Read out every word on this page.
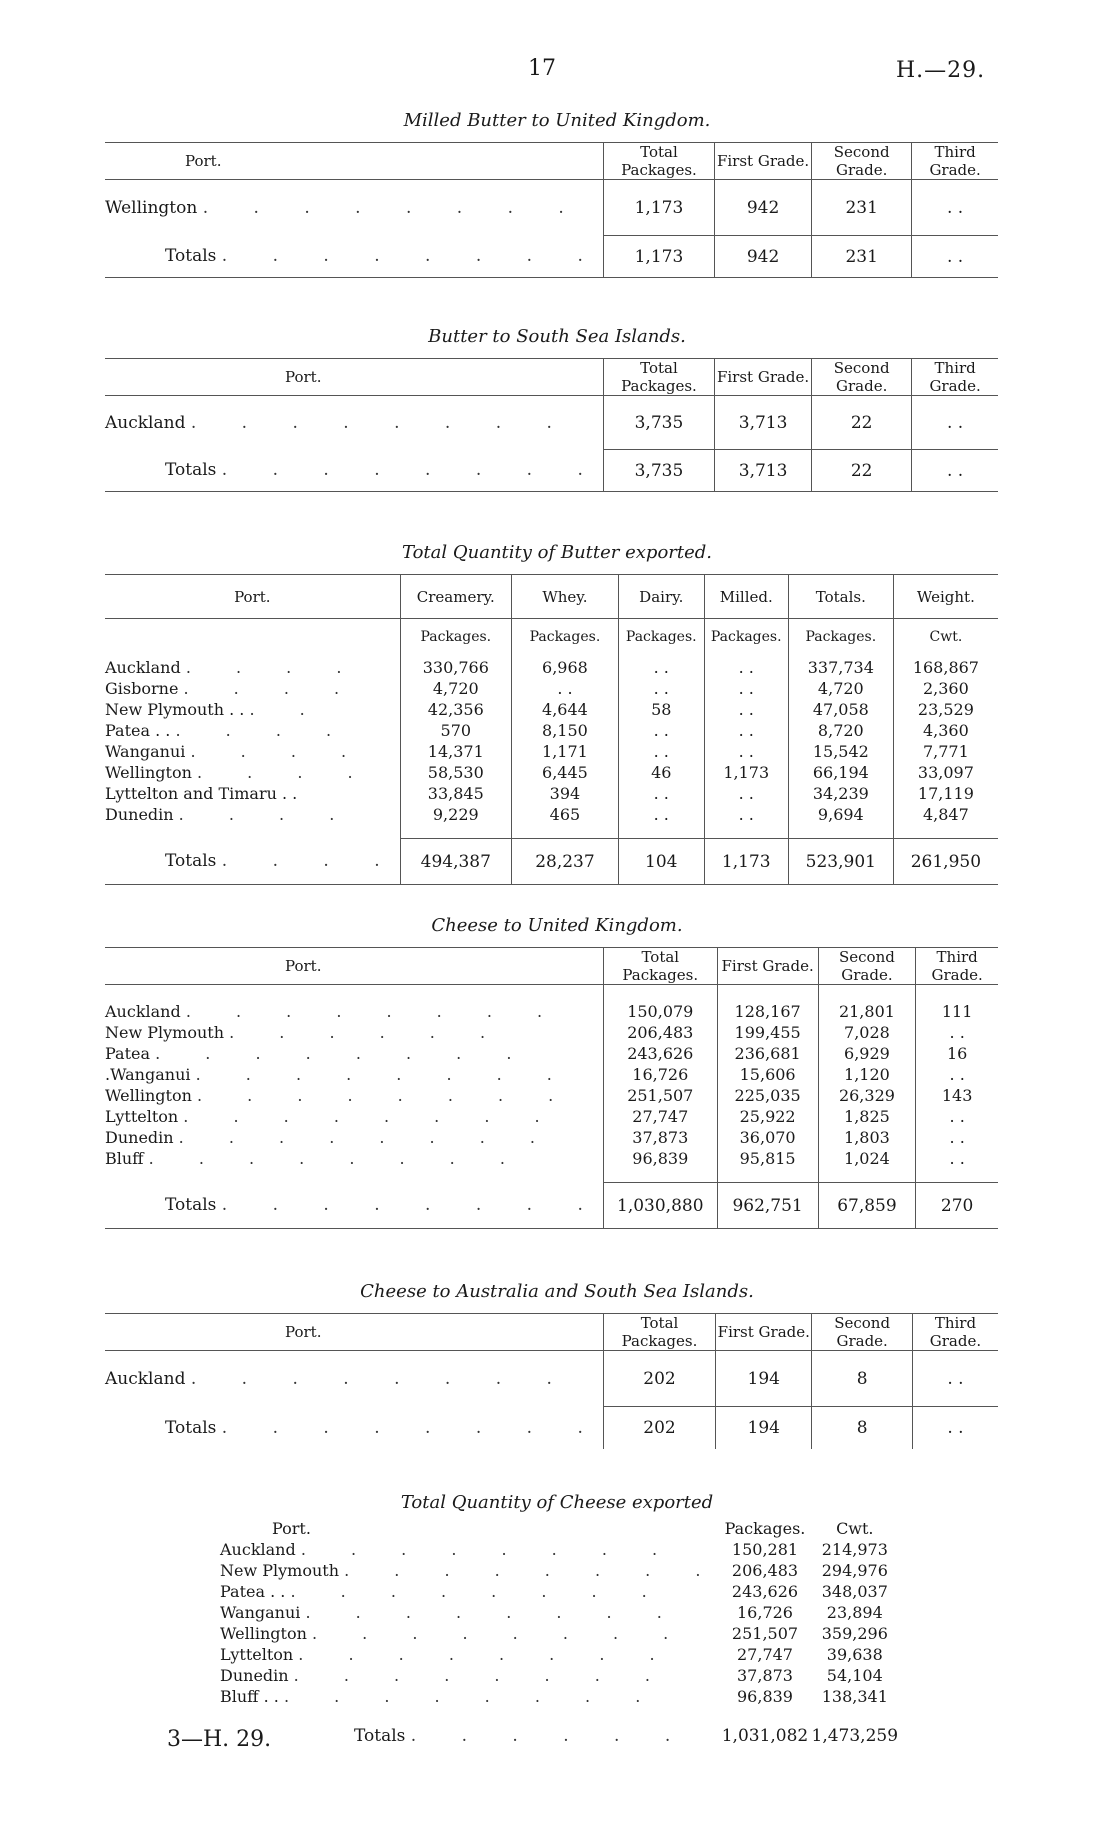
17	H.—29.
Milled Butter to United Kingdom.
Port.	Total Packages.	First Grade.	Second Grade.	Third Grade.
Wellington . . . . . . . .	1,173	942	231	. .
Totals . . . . . . . .	1,173	942	231	. .
Butter to South Sea Islands.
Port.	Total Packages.	First Grade.	Second Grade.	Third Grade.
Auckland . . . . . . . .	3,735	3,713	22	. .
Totals . . . . . . . .	3,735	3,713	22	. .
Total Quantity of Butter exported.
Port.	Creamery.	Whey.	Dairy.	Milled.	Totals.	Weight.
	Packages.	Packages.	Packages.	Packages.	Packages.	Cwt.
Auckland . . . .	330,766	6,968	. .	. .	337,734	168,867
Gisborne . . . .	4,720	. .	. .	. .	4,720	2,360
New Plymouth . . . .	42,356	4,644	58	. .	47,058	23,529
Patea . . . . . .	570	8,150	. .	. .	8,720	4,360
Wanganui . . . .	14,371	1,171	. .	. .	15,542	7,771
Wellington . . . .	58,530	6,445	46	1,173	66,194	33,097
Lyttelton and Timaru . .	33,845	394	. .	. .	34,239	17,119
Dunedin . . . .	9,229	465	. .	. .	9,694	4,847

Totals . . . .	494,387	28,237	104	1,173	523,901	261,950
Cheese to United Kingdom.
Port.	Total Packages.	First Grade.	Second Grade.	Third Grade.

Auckland . . . . . . . .	150,079	128,167	21,801	111
New Plymouth . . . . . .	206,483	199,455	7,028	. .
Patea . . . . . . . .	243,626	236,681	6,929	16
.Wanganui . . . . . . . .	16,726	15,606	1,120	. .
Wellington . . . . . . . .	251,507	225,035	26,329	143
Lyttelton . . . . . . . .	27,747	25,922	1,825	. .
Dunedin . . . . . . . .	37,873	36,070	1,803	. .
Bluff . . . . . . . .	96,839	95,815	1,024	. .

Totals . . . . . . . .	1,030,880	962,751	67,859	270
Cheese to Australia and South Sea Islands.
Port.	Total Packages.	First Grade.	Second Grade.	Third Grade.
Auckland . . . . . . . .	202	194	8	. .
Totals . . . . . . . .	202	194	8	. .
Total Quantity of Cheese exported
Port.	Packages.	Cwt.
Auckland . . . . . . . .	150,281	214,973
New Plymouth . . . . . . . .	206,483	294,976
Patea . . . . . . . . . .	243,626	348,037
Wanganui . . . . . . . .	16,726	23,894
Wellington . . . . . . . .	251,507	359,296
Lyttelton . . . . . . . .	27,747	39,638
Dunedin . . . . . . . .	37,873	54,104
Bluff . . . . . . . . . .	96,839	138,341

Totals . . . . . .	1,031,082	1,473,259
3—H. 29.
